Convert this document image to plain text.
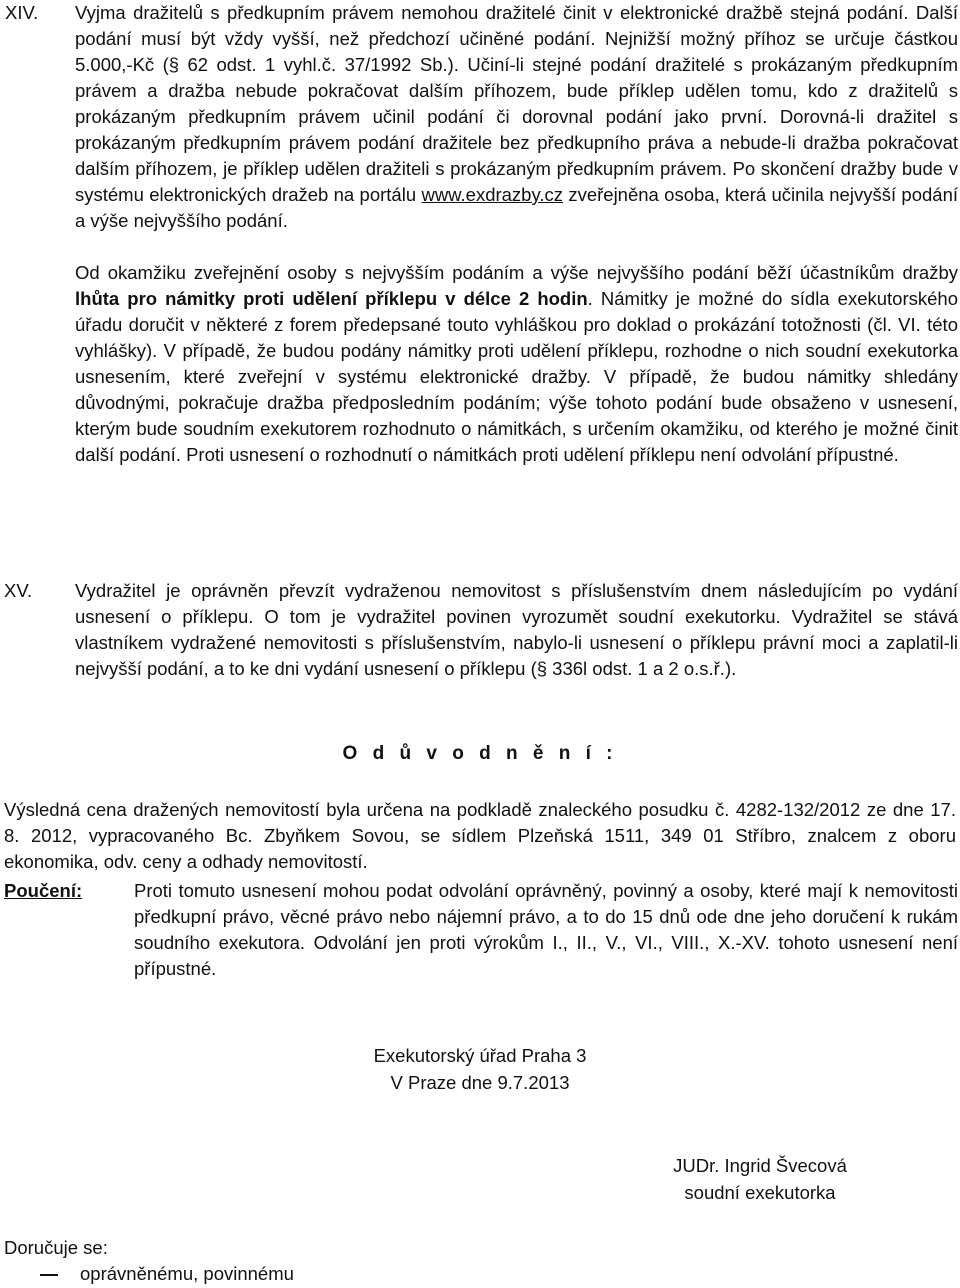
XIV. Vyjma dražitelů s předkupním právem nemohou dražitelé činit v elektronické dražbě stejná podání. Další podání musí být vždy vyšší, než předchozí učiněné podání. Nejnižší možný příhoz se určuje částkou 5.000,-Kč (§ 62 odst. 1 vyhl.č. 37/1992 Sb.). Učiní-li stejné podání dražitelé s prokázaným předkupním právem a dražba nebude pokračovat dalším příhozem, bude příklep udělen tomu, kdo z dražitelů s prokázaným předkupním právem učinil podání či dorovnal podání jako první. Dorovná-li dražitel s prokázaným předkupním právem podání dražitele bez předkupního práva a nebude-li dražba pokračovat dalším příhozem, je příklep udělen dražiteli s prokázaným předkupním právem. Po skončení dražby bude v systému elektronických dražeb na portálu www.exdrazby.cz zveřejněna osoba, která učinila nejvyšší podání a výše nejvyššího podání.

Od okamžiku zveřejnění osoby s nejvyšším podáním a výše nejvyššího podání běží účastníkům dražby lhůta pro námitky proti udělení příklepu v délce 2 hodin. Námitky je možné do sídla exekutorského úřadu doručit v některé z forem předepsané touto vyhláškou pro doklad o prokázání totožnosti (čl. VI. této vyhlášky). V případě, že budou podány námitky proti udělení příklepu, rozhodne o nich soudní exekutorka usnesením, které zveřejní v systému elektronické dražby. V případě, že budou námitky shledány důvodnými, pokračuje dražba předposledním podáním; výše tohoto podání bude obsaženo v usnesení, kterým bude soudním exekutorem rozhodnuto o námitkách, s určením okamžiku, od kterého je možné činit další podání. Proti usnesení o rozhodnutí o námitkách proti udělení příklepu není odvolání přípustné.

XV. Vydražitel je oprávněn převzít vydraženou nemovitost s příslušenstvím dnem následujícím po vydání usnesení o příklepu. O tom je vydražitel povinen vyrozumět soudní exekutorku. Vydražitel se stává vlastníkem vydražené nemovitosti s příslušenstvím, nabylo-li usnesení o příklepu právní moci a zaplatil-li nejvyšší podání, a to ke dni vydání usnesení o příklepu (§ 336l odst. 1 a 2 o.s.ř.).
O d ů v o d n ě n í :
Výsledná cena dražených nemovitostí byla určena na podkladě znaleckého posudku č. 4282-132/2012 ze dne 17. 8. 2012, vypracovaného Bc. Zbyňkem Sovou, se sídlem Plzeňská 1511, 349 01 Stříbro, znalcem z oboru ekonomika, odv. ceny a odhady nemovitostí.
Poučení:	Proti tomuto usnesení mohou podat odvolání oprávněný, povinný a osoby, které mají k nemovitosti předkupní právo, věcné právo nebo nájemní právo, a to do 15 dnů ode dne jeho doručení k rukám soudního exekutora. Odvolání jen proti výrokům I., II., V., VI., VIII., X.-XV. tohoto usnesení není přípustné.
Exekutorský úřad Praha 3
V Praze dne 9.7.2013
JUDr. Ingrid Švecová
soudní exekutorka
Doručuje se:
oprávněnému, povinnému
